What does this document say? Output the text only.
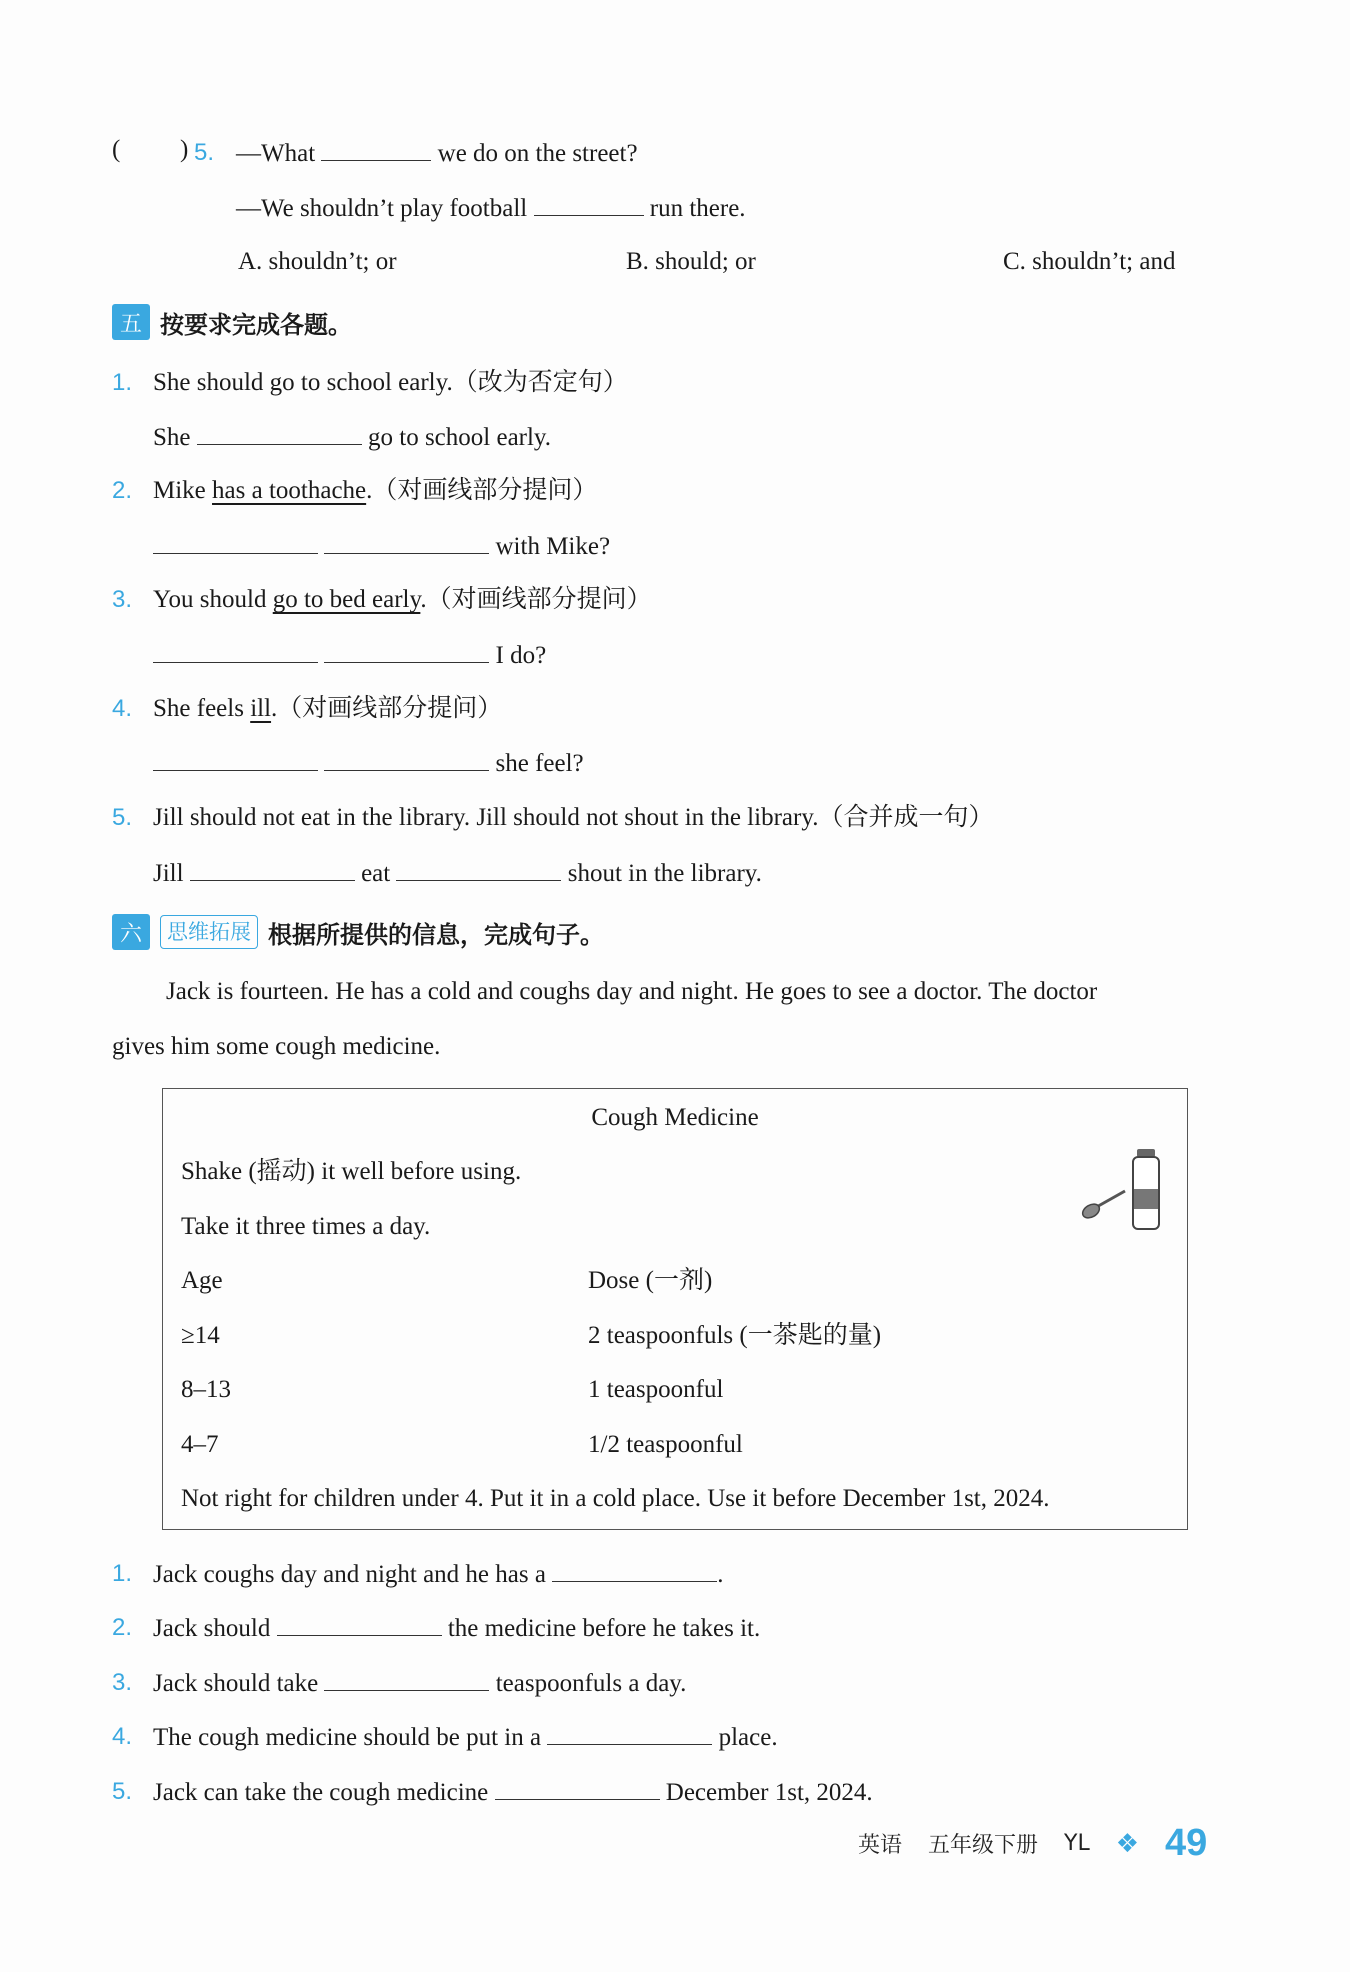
( ) 5. —What	we do on the street?
—We shouldn’t play football	run there.
A. shouldn’t; or	B. should; or	C. shouldn’t; and
五 按要求完成各题。
1. She should go to school early.（改为否定句）
She	go to school early.
2. Mike has a toothache.（对画线部分提问）
with Mike?
3. You should go to bed early.（对画线部分提问）
I do?
4. She feels ill.（对画线部分提问）
she feel?
5. Jill should not eat in the library. Jill should not shout in the library.（合并成一句）
Jill	eat	shout in the library.
六	思维拓展 根据所提供的信息，完成句子。
Jack is fourteen. He has a cold and coughs day and night. He goes to see a doctor. The doctor
gives him some cough medicine.
Cough Medicine
Shake (摇动) it well before using.
Take it three times a day.
Age	Dose (一剂)
≥14	2 teaspoonfuls (一茶匙的量)
8–13	1 teaspoonful
4–7	1/2 teaspoonful
Not right for children under 4. Put it in a cold place. Use it before December 1st, 2024.
1. Jack coughs day and night and he has a	.
2. Jack should	the medicine before he takes it.
3. Jack should take	teaspoonfuls a day.
4. The cough medicine should be put in a	place.
5. Jack can take the cough medicine	December 1st, 2024.
英语 五年级下册 YL ❖ 49
